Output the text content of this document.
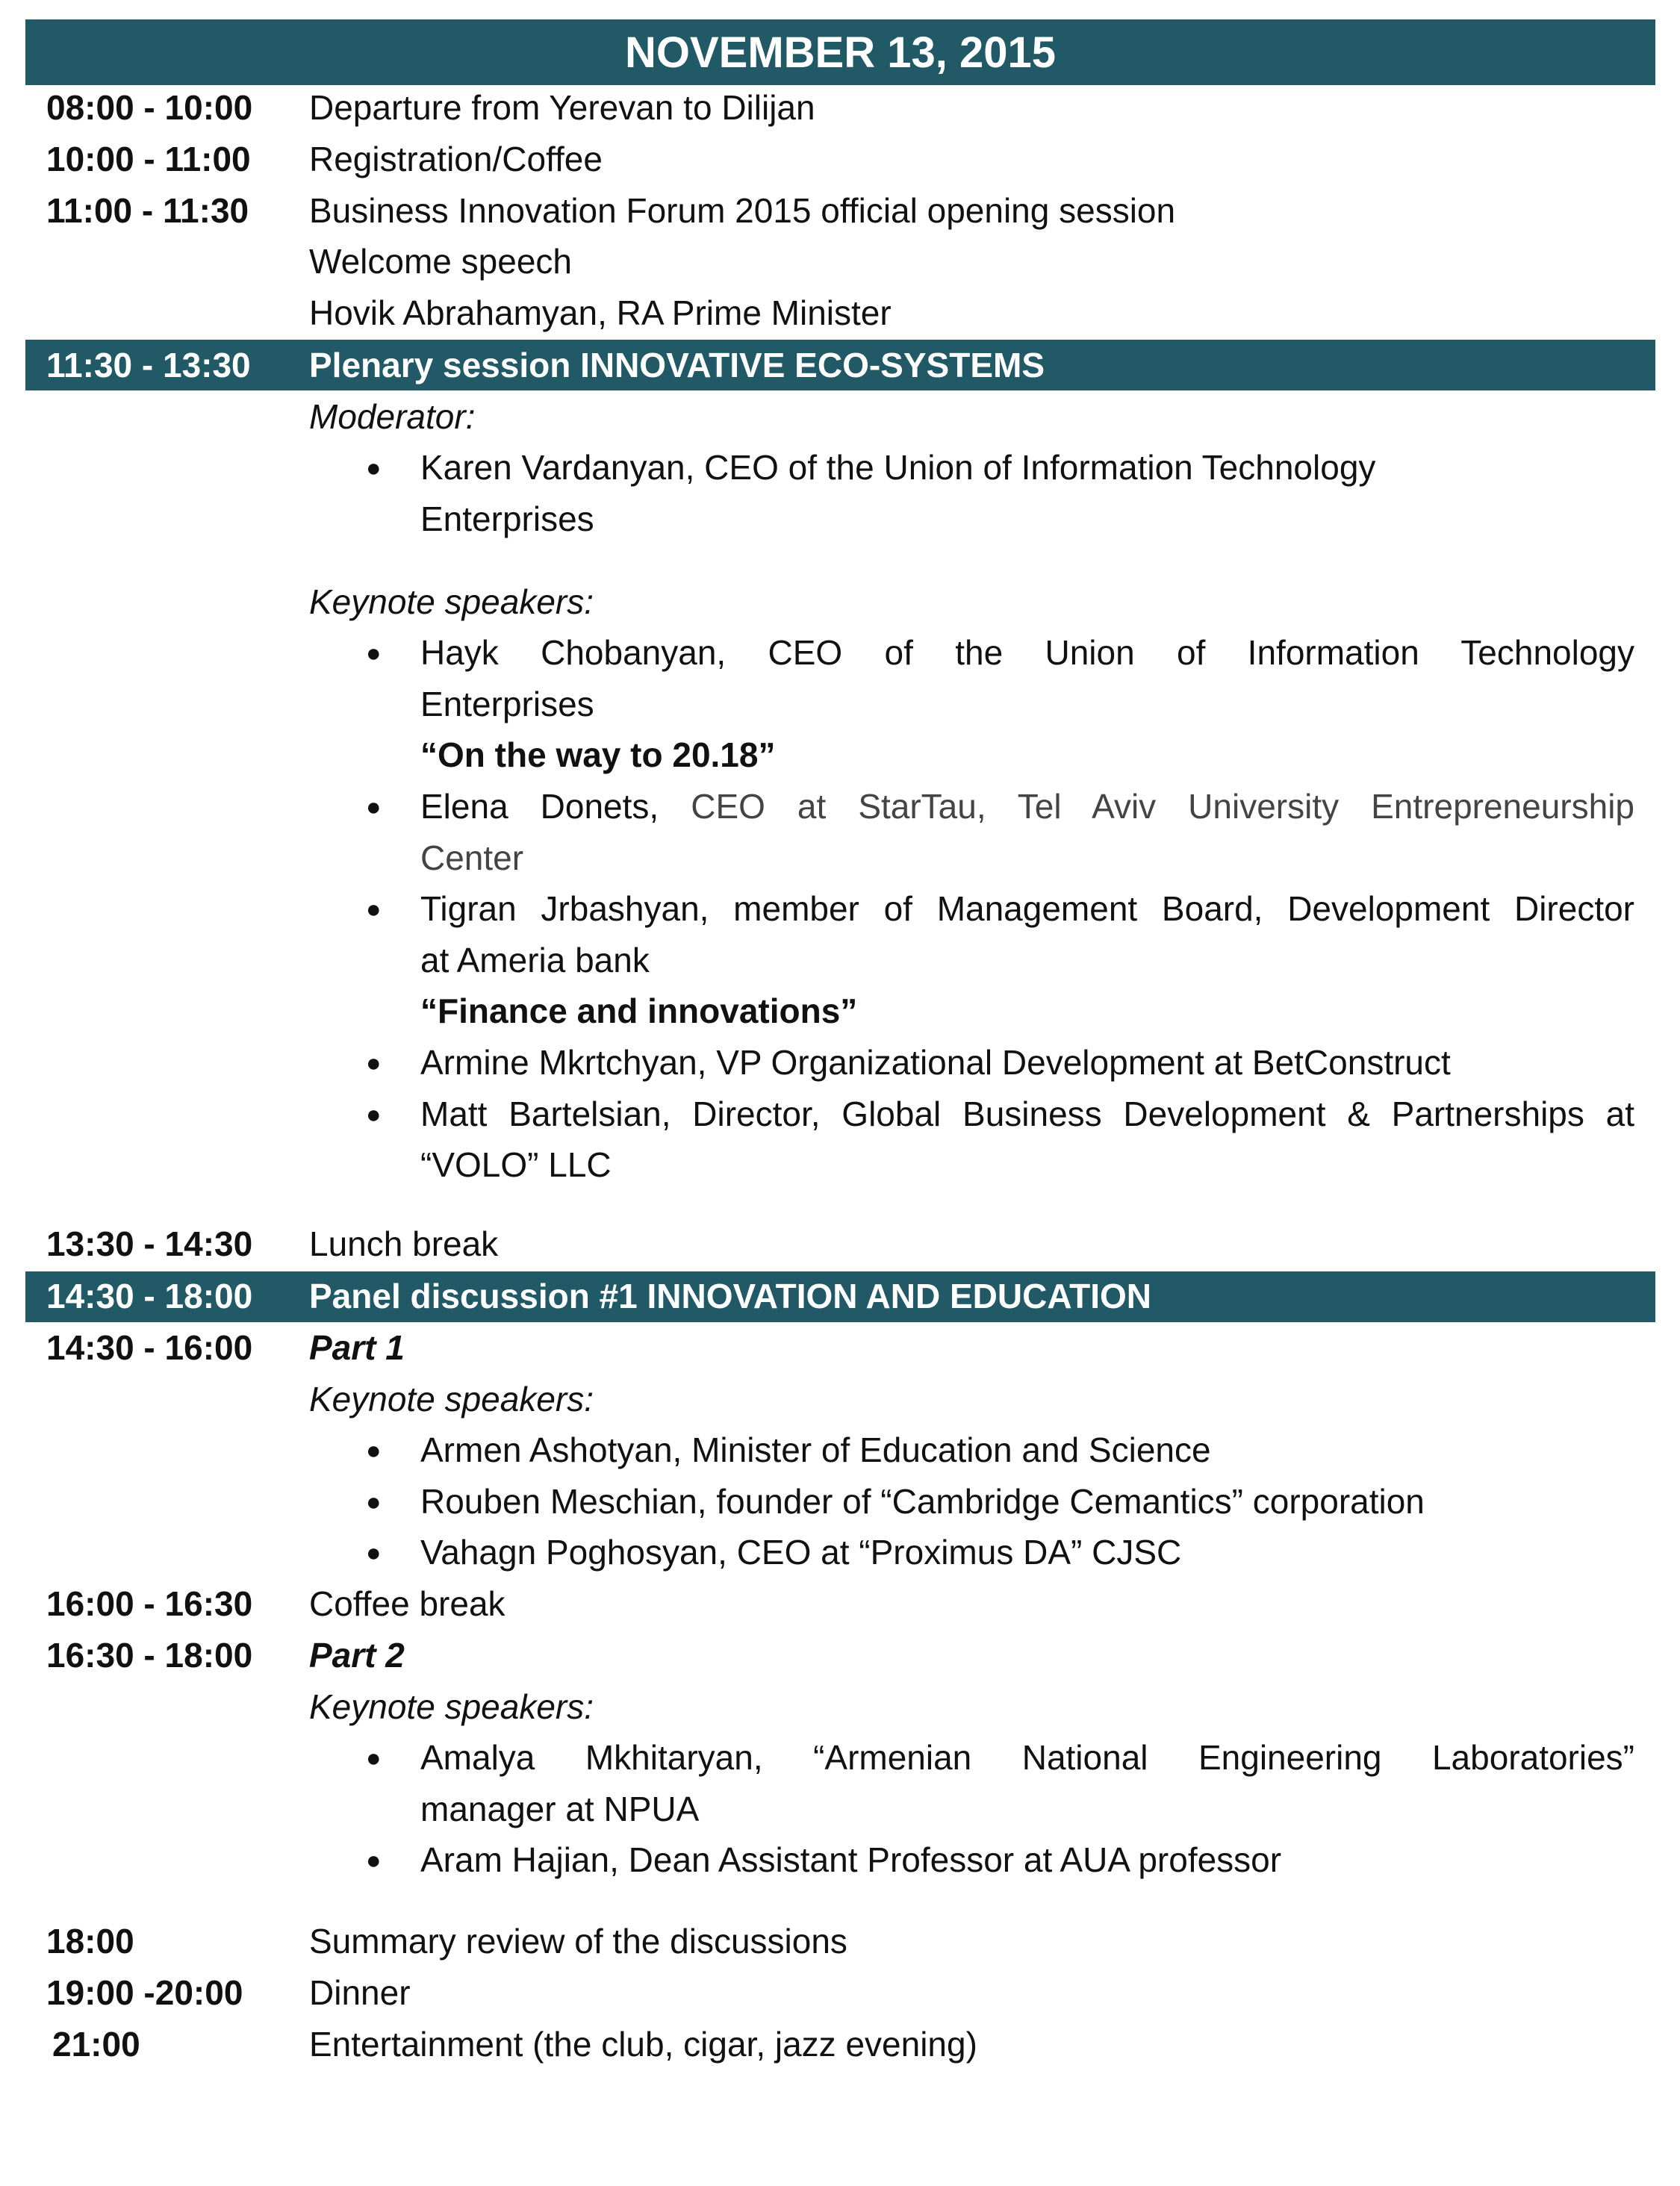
NOVEMBER 13, 2015
08:00 - 10:00 Departure from Yerevan to Dilijan
10:00 - 11:00 Registration/Coffee
11:00 - 11:30 Business Innovation Forum 2015 official opening session
Welcome speech
Hovik Abrahamyan, RA Prime Minister
11:30 - 13:30 Plenary session INNOVATIVE ECO-SYSTEMS
Moderator:
● Karen Vardanyan, CEO of the Union of Information Technology
Enterprises
Keynote speakers:
● Hayk Chobanyan, CEO of the Union of Information Technology
Enterprises
“On the way to 20.18”
● Elena Donets, CEO at StarTau, Tel Aviv University Entrepreneurship
Center
● Tigran Jrbashyan, member of Management Board, Development Director
at Ameria bank
“Finance and innovations”
● Armine Mkrtchyan, VP Organizational Development at BetConstruct
● Matt Bartelsian, Director, Global Business Development & Partnerships at
“VOLO” LLC
13:30 - 14:30 Lunch break
14:30 - 18:00 Panel discussion #1 INNOVATION AND EDUCATION
14:30 - 16:00 Part 1
Keynote speakers:
● Armen Ashotyan, Minister of Education and Science
● Rouben Meschian, founder of “Cambridge Cemantics” corporation
● Vahagn Poghosyan, CEO at “Proximus DA” CJSC
16:00 - 16:30 Coffee break
16:30 - 18:00 Part 2
Keynote speakers:
● Amalya Mkhitaryan, “Armenian National Engineering Laboratories”
manager at NPUA
● Aram Hajian, Dean Assistant Professor at AUA professor
18:00	Summary review of the discussions
19:00 -20:00 Dinner
21:00	Entertainment (the club, cigar, jazz evening)
